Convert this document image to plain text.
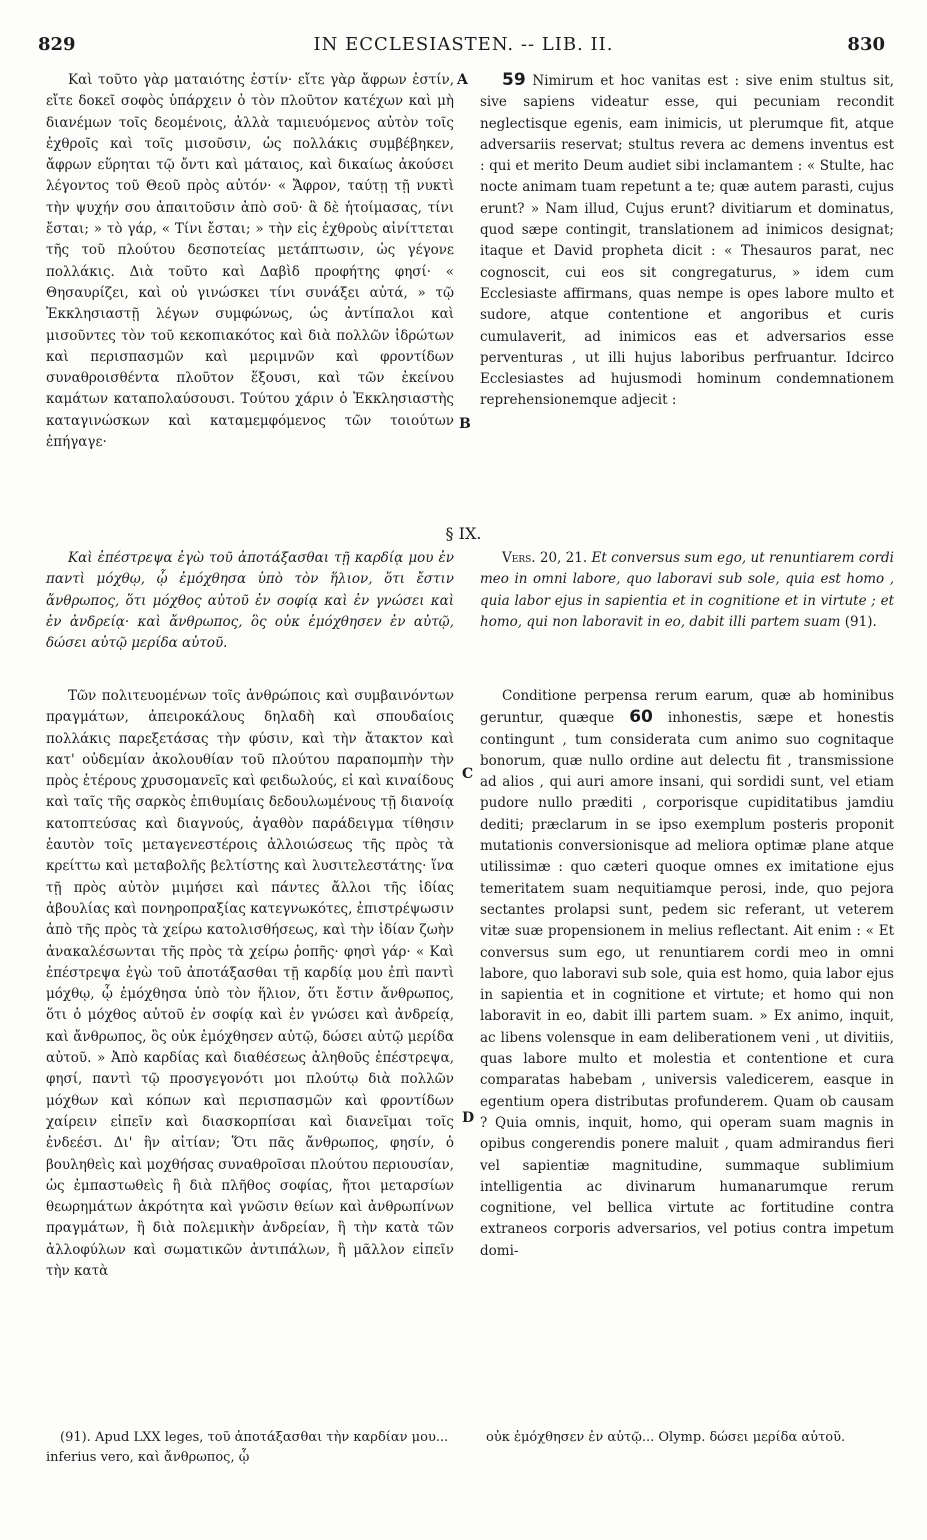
829	IN ECCLESIASTEN. -- LIB. II.	830

Καὶ τοῦτο γὰρ ματαιότης ἐστίν· εἴτε γὰρ ἄφρων ἐστίν, εἴτε δοκεῖ σοφὸς ὑπάρχειν ὁ τὸν πλοῦτον κατέχων καὶ μὴ διανέμων τοῖς δεομένοις, ἀλλὰ ταμιευόμενος αὐτὸν τοῖς ἐχθροῖς καὶ τοῖς μισοῦσιν, ὡς πολλάκις συμβέβηκεν, ἄφρων εὕρηται τῷ ὄντι καὶ μάταιος, καὶ δικαίως ἀκούσει λέγοντος τοῦ Θεοῦ πρὸς αὐτόν· « Ἄφρον, ταύτῃ τῇ νυκτὶ τὴν ψυχήν σου ἀπαιτοῦσιν ἀπὸ σοῦ· ἃ δὲ ἡτοίμασας, τίνι ἔσται; » τὸ γάρ, « Τίνι ἔσται; » τὴν εἰς ἐχθροὺς αἰνίττεται τῆς τοῦ πλούτου δεσποτείας μετάπτωσιν, ὡς γέγονε πολλάκις. Διὰ τοῦτο καὶ Δαβὶδ προφήτης φησί· « Θησαυρίζει, καὶ οὐ γινώσκει τίνι συνάξει αὐτά, » τῷ Ἐκκλησιαστῇ λέγων συμφώνως, ὡς ἀντίπαλοι καὶ μισοῦντες τὸν τοῦ κεκοπιακότος καὶ διὰ πολλῶν ἱδρώτων καὶ περισπασμῶν καὶ μεριμνῶν καὶ φροντίδων συναθροισθέντα πλοῦτον ἕξουσι, καὶ τῶν ἐκείνου καμάτων καταπολαύσουσι. Τούτου χάριν ὁ Ἐκκλησιαστὴς καταγινώσκων καὶ καταμεμφόμενος τῶν τοιούτων ἐπήγαγε·

59 Nimirum et hoc vanitas est : sive enim stultus sit, sive sapiens videatur esse, qui pecuniam recondit neglectisque egenis, eam inimicis, ut plerumque fit, atque adversariis reservat; stultus revera ac demens inventus est : qui et merito Deum audiet sibi inclamantem : « Stulte, hac nocte animam tuam repetunt a te; quæ autem parasti, cujus erunt? » Nam illud, Cujus erunt? divitiarum et dominatus, quod sæpe contingit, translationem ad inimicos designat; itaque et David propheta dicit : « Thesauros parat, nec cognoscit, cui eos sit congregaturus, » idem cum Ecclesiaste affirmans, quas nempe is opes labore multo et sudore, atque contentione et angoribus et curis cumulaverit, ad inimicos eas et adversarios esse perventuras , ut illi hujus laboribus perfruantur. Idcirco Ecclesiastes ad hujusmodi hominum condemnationem reprehensionemque adjecit :

A
B
§ IX.

Καὶ ἐπέστρεψα ἐγὼ τοῦ ἀποτάξασθαι τῇ καρδίᾳ μου ἐν παντὶ μόχθῳ, ᾧ ἐμόχθησα ὑπὸ τὸν ἥλιον, ὅτι ἔστιν ἄνθρωπος, ὅτι μόχθος αὐτοῦ ἐν σοφίᾳ καὶ ἐν γνώσει καὶ ἐν ἀνδρείᾳ· καὶ ἄνθρωπος, ὃς οὐκ ἐμόχθησεν ἐν αὐτῷ, δώσει αὐτῷ μερίδα αὐτοῦ.

Vers. 20, 21. Et conversus sum ego, ut renuntiarem cordi meo in omni labore, quo laboravi sub sole, quia est homo , quia labor ejus in sapientia et in cognitione et in virtute ; et homo, qui non laboravit in eo, dabit illi partem suam (91).

Τῶν πολιτευομένων τοῖς ἀνθρώποις καὶ συμβαινόντων πραγμάτων, ἀπειροκάλους δηλαδὴ καὶ σπουδαίοις πολλάκις παρεξετάσας τὴν φύσιν, καὶ τὴν ἄτακτον καὶ κατ' οὐδεμίαν ἀκολουθίαν τοῦ πλούτου παραπομπὴν τὴν πρὸς ἑτέρους χρυσομανεῖς καὶ φειδωλούς, εἰ καὶ κιναίδους καὶ ταῖς τῆς σαρκὸς ἐπιθυμίαις δεδουλωμένους τῇ διανοίᾳ κατοπτεύσας καὶ διαγνούς, ἀγαθὸν παράδειγμα τίθησιν ἑαυτὸν τοῖς μεταγενεστέροις ἀλλοιώσεως τῆς πρὸς τὰ κρείττω καὶ μεταβολῆς βελτίστης καὶ λυσιτελεστάτης· ἵνα τῇ πρὸς αὐτὸν μιμήσει καὶ πάντες ἄλλοι τῆς ἰδίας ἀβουλίας καὶ πονηροπραξίας κατεγνωκότες, ἐπιστρέψωσιν ἀπὸ τῆς πρὸς τὰ χείρω κατολισθήσεως, καὶ τὴν ἰδίαν ζωὴν ἀνακαλέσωνται τῆς πρὸς τὰ χείρω ῥοπῆς· φησὶ γάρ· « Καὶ ἐπέστρεψα ἐγὼ τοῦ ἀποτάξασθαι τῇ καρδίᾳ μου ἐπὶ παντὶ μόχθῳ, ᾧ ἐμόχθησα ὑπὸ τὸν ἥλιον, ὅτι ἔστιν ἄνθρωπος, ὅτι ὁ μόχθος αὐτοῦ ἐν σοφίᾳ καὶ ἐν γνώσει καὶ ἀνδρείᾳ, καὶ ἄνθρωπος, ὃς οὐκ ἐμόχθησεν αὐτῷ, δώσει αὐτῷ μερίδα αὐτοῦ. » Ἀπὸ καρδίας καὶ διαθέσεως ἀληθοῦς ἐπέστρεψα, φησί, παντὶ τῷ προσγεγονότι μοι πλούτῳ διὰ πολλῶν μόχθων καὶ κόπων καὶ περισπασμῶν καὶ φροντίδων χαίρειν εἰπεῖν καὶ διασκορπίσαι καὶ διανεῖμαι τοῖς ἐνδεέσι. Δι' ἣν αἰτίαν; Ὅτι πᾶς ἄνθρωπος, φησίν, ὁ βουληθεὶς καὶ μοχθήσας συναθροῖσαι πλούτου περιουσίαν, ὡς ἐμπαστωθεὶς ἢ διὰ πλῆθος σοφίας, ἤτοι μεταρσίων θεωρημάτων ἀκρότητα καὶ γνῶσιν θείων καὶ ἀνθρωπίνων πραγμάτων, ἢ διὰ πολεμικὴν ἀνδρείαν, ἢ τὴν κατὰ τῶν ἀλλοφύλων καὶ σωματικῶν ἀντιπάλων, ἢ μᾶλλον εἰπεῖν τὴν κατὰ

Conditione perpensa rerum earum, quæ ab hominibus geruntur, quæque 60 inhonestis, sæpe et honestis contingunt , tum considerata cum animo suo cognitaque bonorum, quæ nullo ordine aut delectu fit , transmissione ad alios , qui auri amore insani, qui sordidi sunt, vel etiam pudore nullo præditi , corporisque cupiditatibus jamdiu dediti; præclarum in se ipso exemplum posteris proponit mutationis conversionisque ad meliora optimæ plane atque utilissimæ : quo cæteri quoque omnes ex imitatione ejus temeritatem suam nequitiamque perosi, inde, quo pejora sectantes prolapsi sunt, pedem sic referant, ut veterem vitæ suæ propensionem in melius reflectant. Ait enim : « Et conversus sum ego, ut renuntiarem cordi meo in omni labore, quo laboravi sub sole, quia est homo, quia labor ejus in sapientia et in cognitione et virtute; et homo qui non laboravit in eo, dabit illi partem suam. » Ex animo, inquit, ac libens volensque in eam deliberationem veni , ut divitiis, quas labore multo et molestia et contentione et cura comparatas habebam , universis valedicerem, easque in egentium opera distributas profunderem. Quam ob causam ? Quia omnis, inquit, homo, qui operam suam magnis in opibus congerendis ponere maluit , quam admirandus fieri vel sapientiæ magnitudine, summaque sublimium intelligentia ac divinarum humanarumque rerum cognitione, vel bellica virtute ac fortitudine contra extraneos corporis adversarios, vel potius contra impetum domi-

C
D

(91). Apud LXX leges, τοῦ ἀποτάξασθαι τὴν καρδίαν μου... inferius vero, καὶ ἄνθρωπος, ᾧ

οὐκ ἐμόχθησεν ἐν αὐτῷ... Olymp. δώσει μερίδα αὐτοῦ.
